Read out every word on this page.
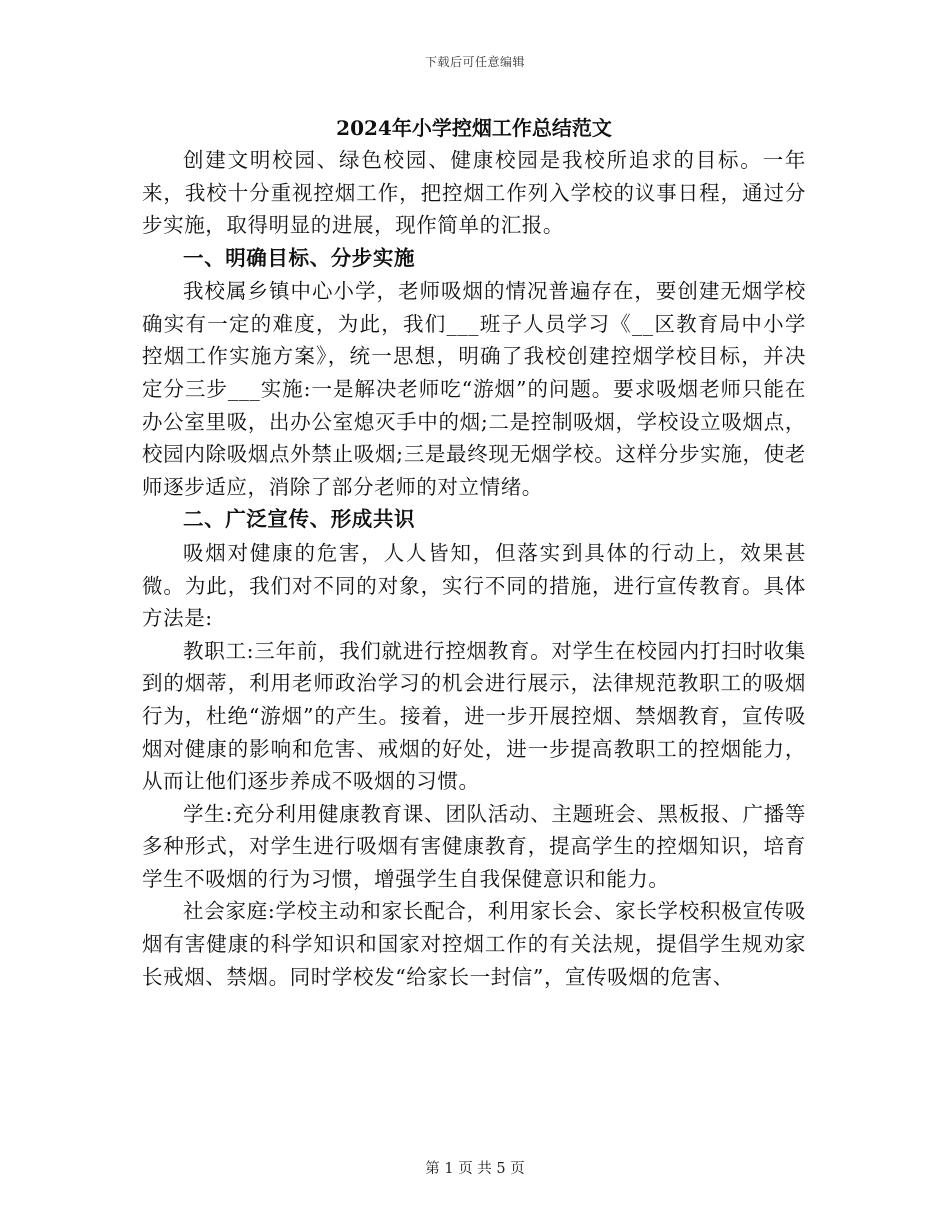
下载后可任意编辑
2024年小学控烟工作总结范文

创建文明校园、绿色校园、健康校园是我校所追求的目标。一年来，我校十分重视控烟工作，把控烟工作列入学校的议事日程，通过分步实施，取得明显的进展，现作简单的汇报。

一、明确目标、分步实施

我校属乡镇中心小学，老师吸烟的情况普遍存在，要创建无烟学校确实有一定的难度，为此，我们___班子人员学习《__区教育局中小学控烟工作实施方案》，统一思想，明确了我校创建控烟学校目标，并决定分三步___实施:一是解决老师吃“游烟”的问题。要求吸烟老师只能在办公室里吸，出办公室熄灭手中的烟;二是控制吸烟，学校设立吸烟点，校园内除吸烟点外禁止吸烟;三是最终现无烟学校。这样分步实施，使老师逐步适应，消除了部分老师的对立情绪。

二、广泛宣传、形成共识

吸烟对健康的危害，人人皆知，但落实到具体的行动上，效果甚微。为此，我们对不同的对象，实行不同的措施，进行宣传教育。具体方法是:

教职工:三年前，我们就进行控烟教育。对学生在校园内打扫时收集到的烟蒂，利用老师政治学习的机会进行展示，法律规范教职工的吸烟行为，杜绝“游烟”的产生。接着，进一步开展控烟、禁烟教育，宣传吸烟对健康的影响和危害、戒烟的好处，进一步提高教职工的控烟能力，从而让他们逐步养成不吸烟的习惯。

学生:充分利用健康教育课、团队活动、主题班会、黑板报、广播等多种形式，对学生进行吸烟有害健康教育，提高学生的控烟知识，培育学生不吸烟的行为习惯，增强学生自我保健意识和能力。

社会家庭:学校主动和家长配合，利用家长会、家长学校积极宣传吸烟有害健康的科学知识和国家对控烟工作的有关法规，提倡学生规劝家长戒烟、禁烟。同时学校发“给家长一封信”，宣传吸烟的危害、

第 1 页 共 5 页
